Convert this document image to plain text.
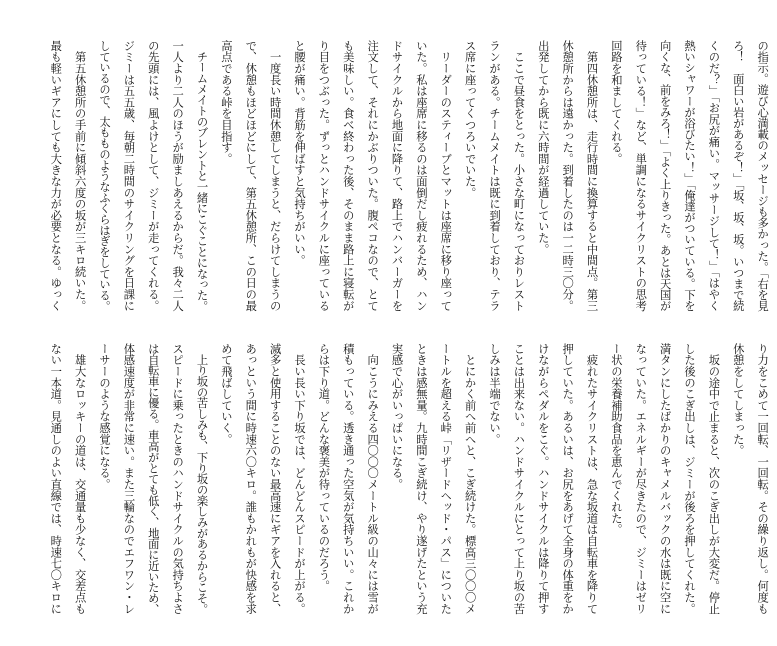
の指示。遊び心満載のメッセージも多かった。「右を見
ろ！　面白い岩があるぞ！」「坂、坂、坂。いつまで続
くのだ？」「お尻が痛い。マッサージして！」「はやく
熱いシャワーが浴びたい！」「俺達がついている。下を
向くな、前をみろ！」「よく上りきった。あとは天国が
待っている！」など、単調になるサイクリストの思考
回路を和ましてくれる。
　第四休憩所は、走行時間に換算すると中間点。第三
休憩所からは遠かった。到着したのは一二時三〇分。
出発してから既に六時間が経過していた。
　ここで昼食をとった。小さな町になっておりレスト
ランがある。チームメイトは既に到着しており、テラ
ス席に座ってくつろいでいた。
　リーダーのスティーブとマットは座席に移り座って
いた。私は座席に移るのは面倒だし疲れるため、ハン
ドサイクルから地面に降りて、路上でハンバーガーを
注文して、それにかぶりついた。腹ペコなので、とて
も美味しい。食べ終わった後、そのまま路上に寝転が
り目をつぶった。ずっとハンドサイクルに座っている
と腰が痛い。背筋を伸ばすと気持ちがいい。
　一度長い時間休憩してしまうと、だらけてしまうの
で、休憩もほどほどにして、第五休憩所、この日の最
高点である峠を目指す。
　チームメイトのブレントと一緒にこぐことになった。
一人より二人のほうが励ましあえるからだ。我々二人
の先頭には、風よけとして、ジミーが走ってくれる。
ジミーは五五歳、毎朝二時間のサイクリングを日課に
しているので、太もものようなふくらはぎをしている。
　第五休憩所の手前に傾斜六度の坂が三キロ続いた。
最も軽いギアにしても大きな力が必要となる。ゆっく
り力をこめて一回転、一回転。その繰り返し。何度も
休憩をしてしまった。
　坂の途中で止まると、次のこぎ出しが大変だ。停止
した後のこぎ出しは、ジミーが後ろを押してくれた。
満タンにしたばかりのキャメルバックの水は既に空に
なっていた。エネルギーが尽きたので、ジミーはゼリ
ー状の栄養補助食品を恵んでくれた。
　疲れたサイクリストは、急な坂道は自転車を降りて
押していた。あるいは、お尻をあげて全身の体重をか
けながらペダルをこぐ。ハンドサイクルは降りて押す
ことは出来ない。ハンドサイクルにとって上り坂の苦
しみは半端でない。
　とにかく前へ前へと、こぎ続けた。標高三〇〇〇メ
ートルを超える峠「リザードヘッド・パス」についた
ときは感無量。九時間こぎ続け、やり遂げたという充
実感で心がいっぱいになる。
　向こうにみえる四〇〇〇メートル級の山々には雪が
積もっている。透き通った空気が気持ちいい。これか
らは下り道。どんな褒美が待っているのだろう。
　長い長い下り坂では、どんどんスピードが上がる。
滅多と使用することのない最高速にギアを入れると、
あっという間に時速六〇キロ。誰もかれもが快感を求
めて飛ばしていく。
　上り坂の苦しみも、下り坂の楽しみがあるからこそ。
スピードに乗ったときのハンドサイクルの気持ちよさ
は自転車に優る。車高がとても低く、地面に近いため、
体感速度が非常に速い。また三輪なのでエフワン・レ
ーサーのような感覚になる。
　雄大なロッキーの道は、交通量も少なく、交差点も
ない一本道。見通しのよい直線では、時速七〇キロに
